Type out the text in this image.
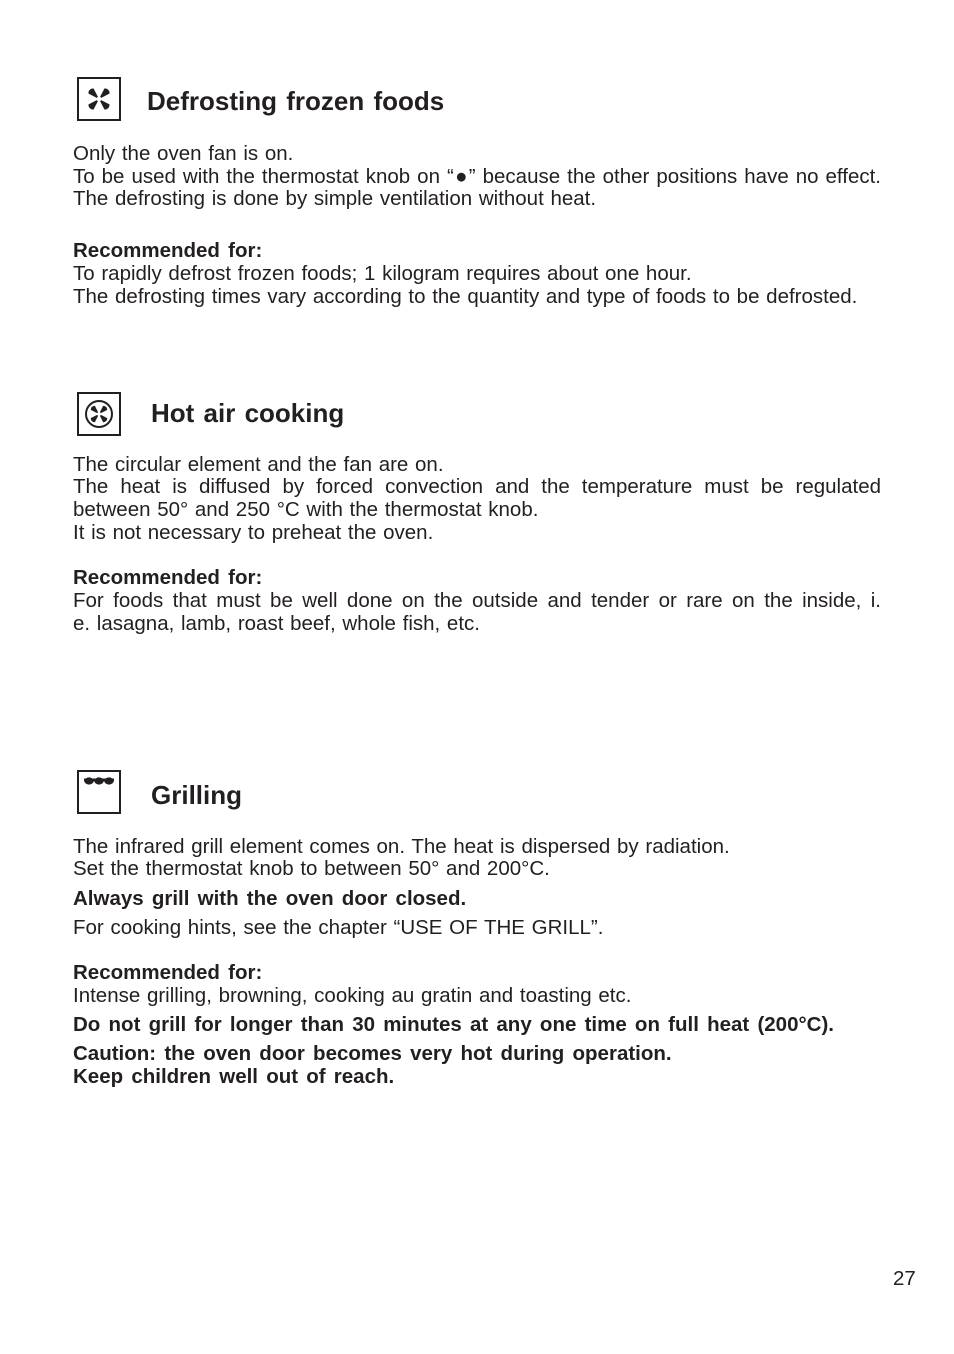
Defrosting frozen foods
Only the oven fan is on.
To be used with the thermostat knob on “●” because the other positions have no effect.
The defrosting is done by simple ventilation without heat.
Recommended for:
To rapidly defrost frozen foods; 1 kilogram requires about one hour.
The defrosting times vary according to the quantity and type of foods to be defrosted.
Hot air cooking
The circular element and the fan are on.
The heat is diffused by forced convection and the temperature must be regulated
between 50° and 250 °C with the thermostat knob.
It is not necessary to preheat the oven.
Recommended for:
For foods that must be well done on the outside and tender or rare on the inside, i.
e. lasagna, lamb, roast beef, whole fish, etc.
Grilling
The infrared grill element comes on. The heat is dispersed by radiation.
Set the thermostat knob to between 50° and 200°C.
Always grill with the oven door closed.
For cooking hints, see the chapter “USE OF THE GRILL”.
Recommended for:
Intense grilling, browning, cooking au gratin and toasting etc.
Do not grill for longer than 30 minutes at any one time on full heat (200°C).
Caution: the oven door becomes very hot during operation.
Keep children well out of reach.
27
